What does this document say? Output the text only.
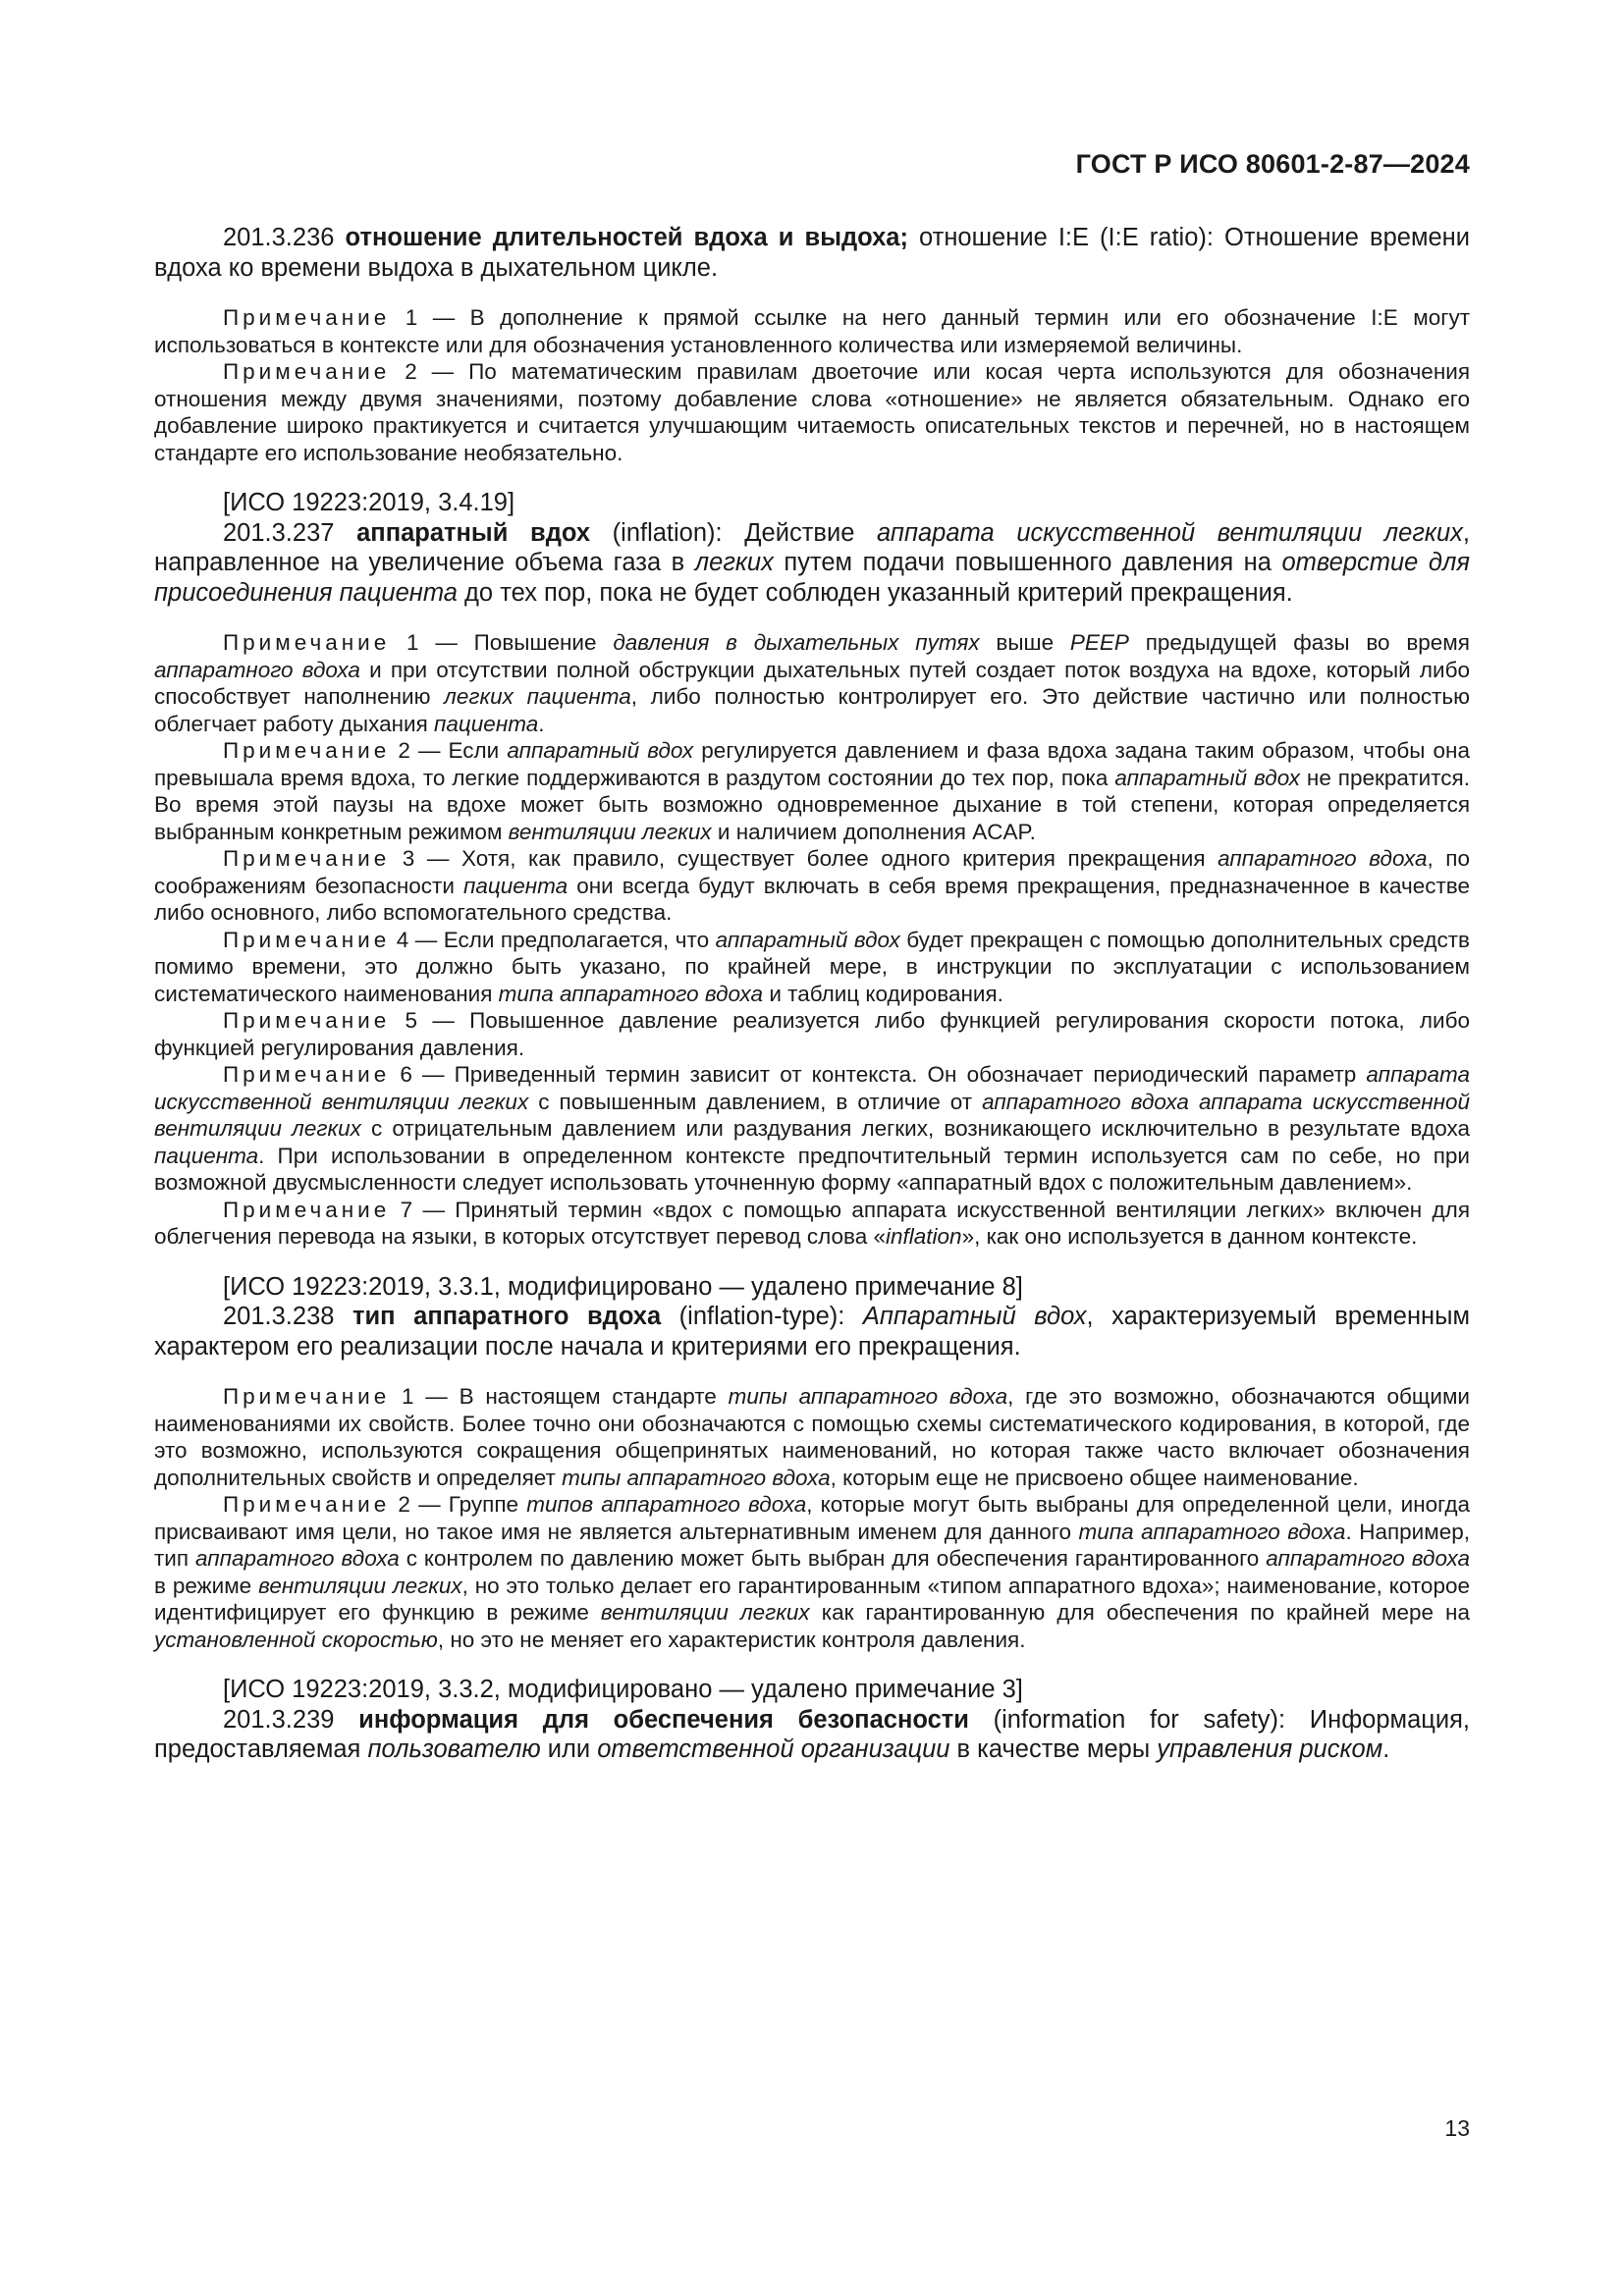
ГОСТ Р ИСО 80601-2-87—2024

201.3.236 отношение длительностей вдоха и выдоха; отношение I:E (I:E ratio): Отношение времени вдоха ко времени выдоха в дыхательном цикле.

Примечание 1 — В дополнение к прямой ссылке на него данный термин или его обозначение I:E могут использоваться в контексте или для обозначения установленного количества или измеряемой величины.

Примечание 2 — По математическим правилам двоеточие или косая черта используются для обозначения отношения между двумя значениями, поэтому добавление слова «отношение» не является обязательным. Однако его добавление широко практикуется и считается улучшающим читаемость описательных текстов и перечней, но в настоящем стандарте его использование необязательно.

[ИСО 19223:2019, 3.4.19]

201.3.237 аппаратный вдох (inflation): Действие аппарата искусственной вентиляции легких, направленное на увеличение объема газа в легких путем подачи повышенного давления на отверстие для присоединения пациента до тех пор, пока не будет соблюден указанный критерий прекращения.

Примечание 1 — Повышение давления в дыхательных путях выше PEEP предыдущей фазы во время аппаратного вдоха и при отсутствии полной обструкции дыхательных путей создает поток воздуха на вдохе, который либо способствует наполнению легких пациента, либо полностью контролирует его. Это действие частично или полностью облегчает работу дыхания пациента.

Примечание 2 — Если аппаратный вдох регулируется давлением и фаза вдоха задана таким образом, чтобы она превышала время вдоха, то легкие поддерживаются в раздутом состоянии до тех пор, пока аппаратный вдох не прекратится. Во время этой паузы на вдохе может быть возможно одновременное дыхание в той степени, которая определяется выбранным конкретным режимом вентиляции легких и наличием дополнения ACAP.

Примечание 3 — Хотя, как правило, существует более одного критерия прекращения аппаратного вдоха, по соображениям безопасности пациента они всегда будут включать в себя время прекращения, предназначенное в качестве либо основного, либо вспомогательного средства.

Примечание 4 — Если предполагается, что аппаратный вдох будет прекращен с помощью дополнительных средств помимо времени, это должно быть указано, по крайней мере, в инструкции по эксплуатации с использованием систематического наименования типа аппаратного вдоха и таблиц кодирования.

Примечание 5 — Повышенное давление реализуется либо функцией регулирования скорости потока, либо функцией регулирования давления.

Примечание 6 — Приведенный термин зависит от контекста. Он обозначает периодический параметр аппарата искусственной вентиляции легких с повышенным давлением, в отличие от аппаратного вдоха аппарата искусственной вентиляции легких с отрицательным давлением или раздувания легких, возникающего исключительно в результате вдоха пациента. При использовании в определенном контексте предпочтительный термин используется сам по себе, но при возможной двусмысленности следует использовать уточненную форму «аппаратный вдох с положительным давлением».

Примечание 7 — Принятый термин «вдох с помощью аппарата искусственной вентиляции легких» включен для облегчения перевода на языки, в которых отсутствует перевод слова «inflation», как оно используется в данном контексте.

[ИСО 19223:2019, 3.3.1, модифицировано — удалено примечание 8]

201.3.238 тип аппаратного вдоха (inflation-type): Аппаратный вдох, характеризуемый временным характером его реализации после начала и критериями его прекращения.

Примечание 1 — В настоящем стандарте типы аппаратного вдоха, где это возможно, обозначаются общими наименованиями их свойств. Более точно они обозначаются с помощью схемы систематического кодирования, в которой, где это возможно, используются сокращения общепринятых наименований, но которая также часто включает обозначения дополнительных свойств и определяет типы аппаратного вдоха, которым еще не присвоено общее наименование.

Примечание 2 — Группе типов аппаратного вдоха, которые могут быть выбраны для определенной цели, иногда присваивают имя цели, но такое имя не является альтернативным именем для данного типа аппаратного вдоха. Например, тип аппаратного вдоха с контролем по давлению может быть выбран для обеспечения гарантированного аппаратного вдоха в режиме вентиляции легких, но это только делает его гарантированным «типом аппаратного вдоха»; наименование, которое идентифицирует его функцию в режиме вентиляции легких как гарантированную для обеспечения по крайней мере на установленной скоростью, но это не меняет его характеристик контроля давления.

[ИСО 19223:2019, 3.3.2, модифицировано — удалено примечание 3]

201.3.239 информация для обеспечения безопасности (information for safety): Информация, предоставляемая пользователю или ответственной организации в качестве меры управления риском.

13
